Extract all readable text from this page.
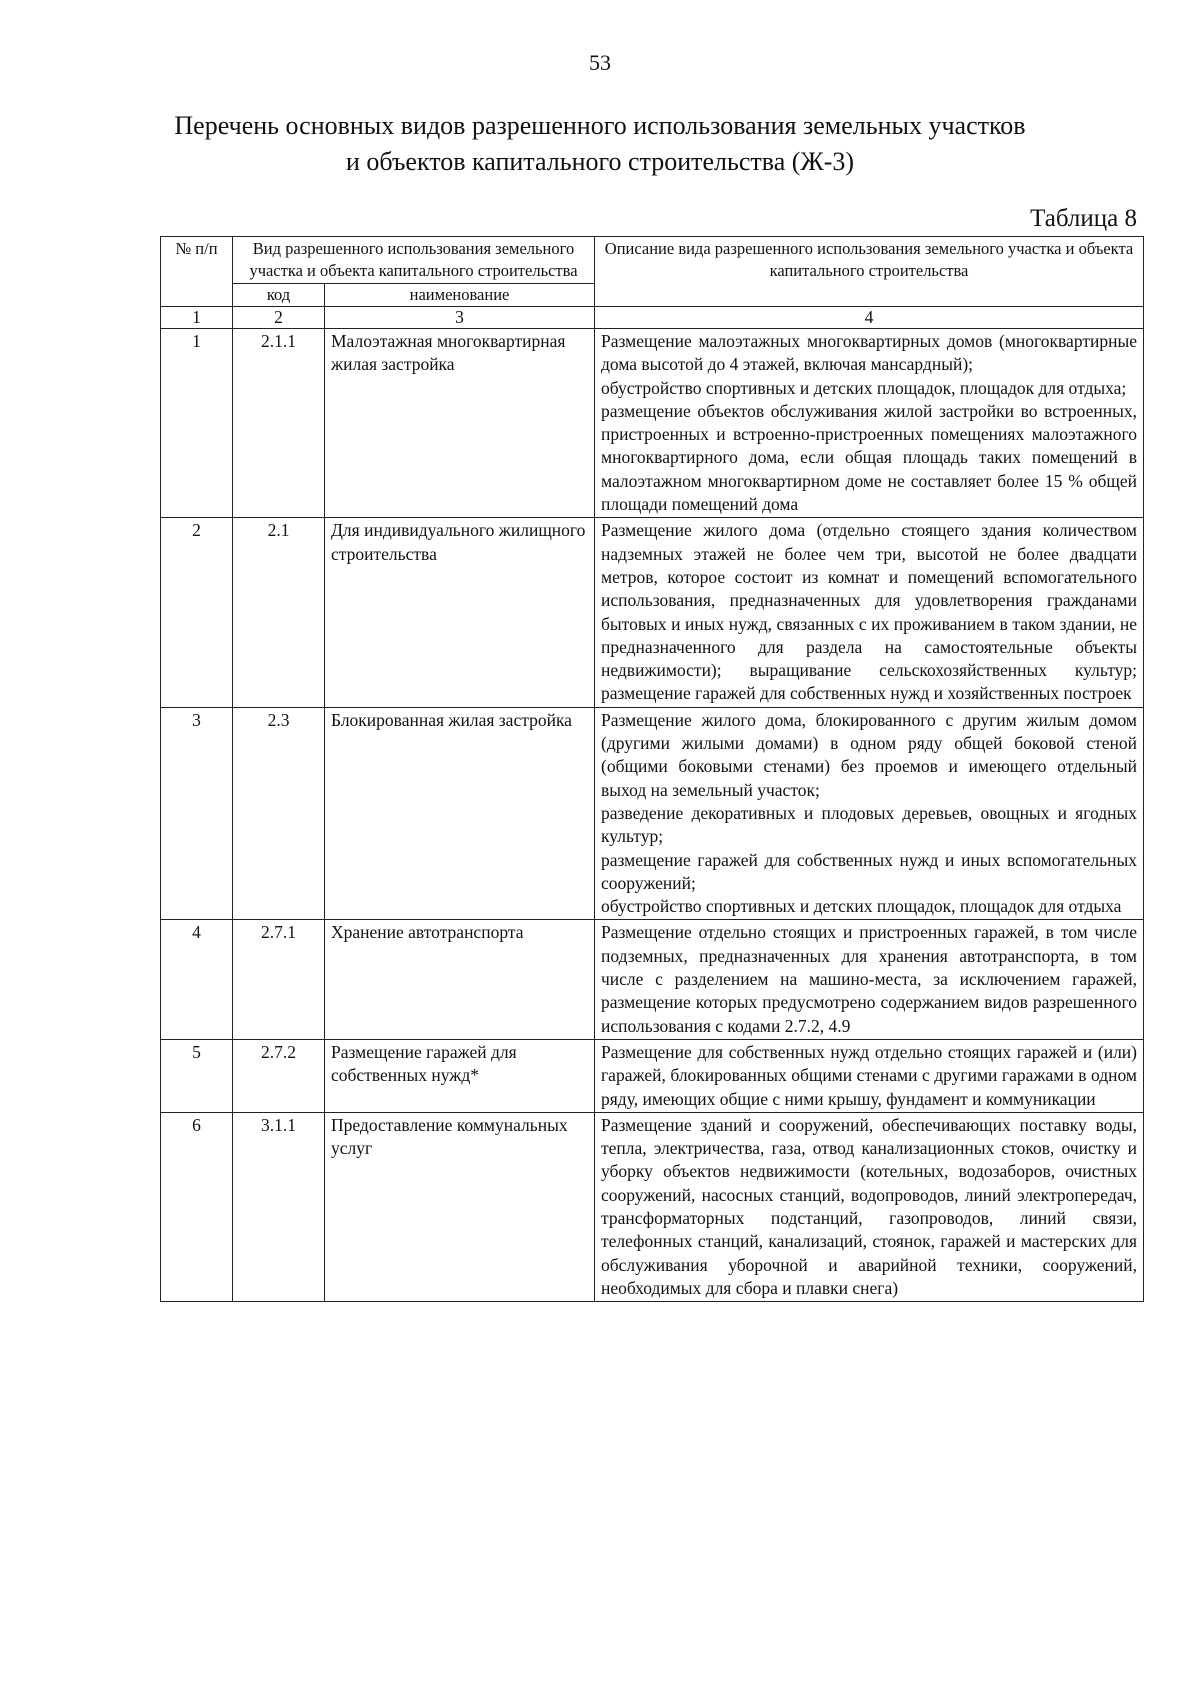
53
Перечень основных видов разрешенного использования земельных участков
и объектов капитального строительства (Ж-3)
Таблица 8
№ п/п	Вид разрешенного использования земельного участка и объекта капитального строительства		Описание вида разрешенного использования земельного участка и объекта капитального строительства
	код	наименование	
1	2	3	4
1	2.1.1	Малоэтажная многоквартирная жилая застройка	Размещение малоэтажных многоквартирных домов (многоквартирные дома высотой до 4 этажей, включая мансардный);
обустройство спортивных и детских площадок, площадок для отдыха;
размещение объектов обслуживания жилой застройки во встроенных, пристроенных и встроенно-пристроенных помещениях малоэтажного многоквартирного дома, если общая площадь таких помещений в малоэтажном многоквартирном доме не составляет более 15 % общей площади помещений дома

2	2.1	Для индивидуального жилищного строительства	Размещение жилого дома (отдельно стоящего здания количеством надземных этажей не более чем три, высотой не более двадцати метров, которое состоит из комнат и помещений вспомогательного использования, предназначенных для удовлетворения гражданами бытовых и иных нужд, связанных с их проживанием в таком здании, не предназначенного для раздела на самостоятельные объекты недвижимости); выращивание сельскохозяйственных культур; размещение гаражей для собственных нужд и хозяйственных построек

3	2.3	Блокированная жилая застройка	Размещение жилого дома, блокированного с другим жилым домом (другими жилыми домами) в одном ряду общей боковой стеной (общими боковыми стенами) без проемов и имеющего отдельный выход на земельный участок;
разведение декоративных и плодовых деревьев, овощных и ягодных культур;
размещение гаражей для собственных нужд и иных вспомогательных сооружений;
обустройство спортивных и детских площадок, площадок для отдыха

4	2.7.1	Хранение автотранспорта	Размещение отдельно стоящих и пристроенных гаражей, в том числе подземных, предназначенных для хранения автотранспорта, в том числе с разделением на машино-места, за исключением гаражей, размещение которых предусмотрено содержанием видов разрешенного использования с кодами 2.7.2, 4.9

5	2.7.2	Размещение гаражей для собственных нужд*	Размещение для собственных нужд отдельно стоящих гаражей и (или) гаражей, блокированных общими стенами с другими гаражами в одном ряду, имеющих общие с ними крышу, фундамент и коммуникации

6	3.1.1	Предоставление коммунальных услуг	Размещение зданий и сооружений, обеспечивающих поставку воды, тепла, электричества, газа, отвод канализационных стоков, очистку и уборку объектов недвижимости (котельных, водозаборов, очистных сооружений, насосных станций, водопроводов, линий электропередач, трансформаторных подстанций, газопроводов, линий связи, телефонных станций, канализаций, стоянок, гаражей и мастерских для обслуживания уборочной и аварийной техники, сооружений, необходимых для сбора и плавки снега)
